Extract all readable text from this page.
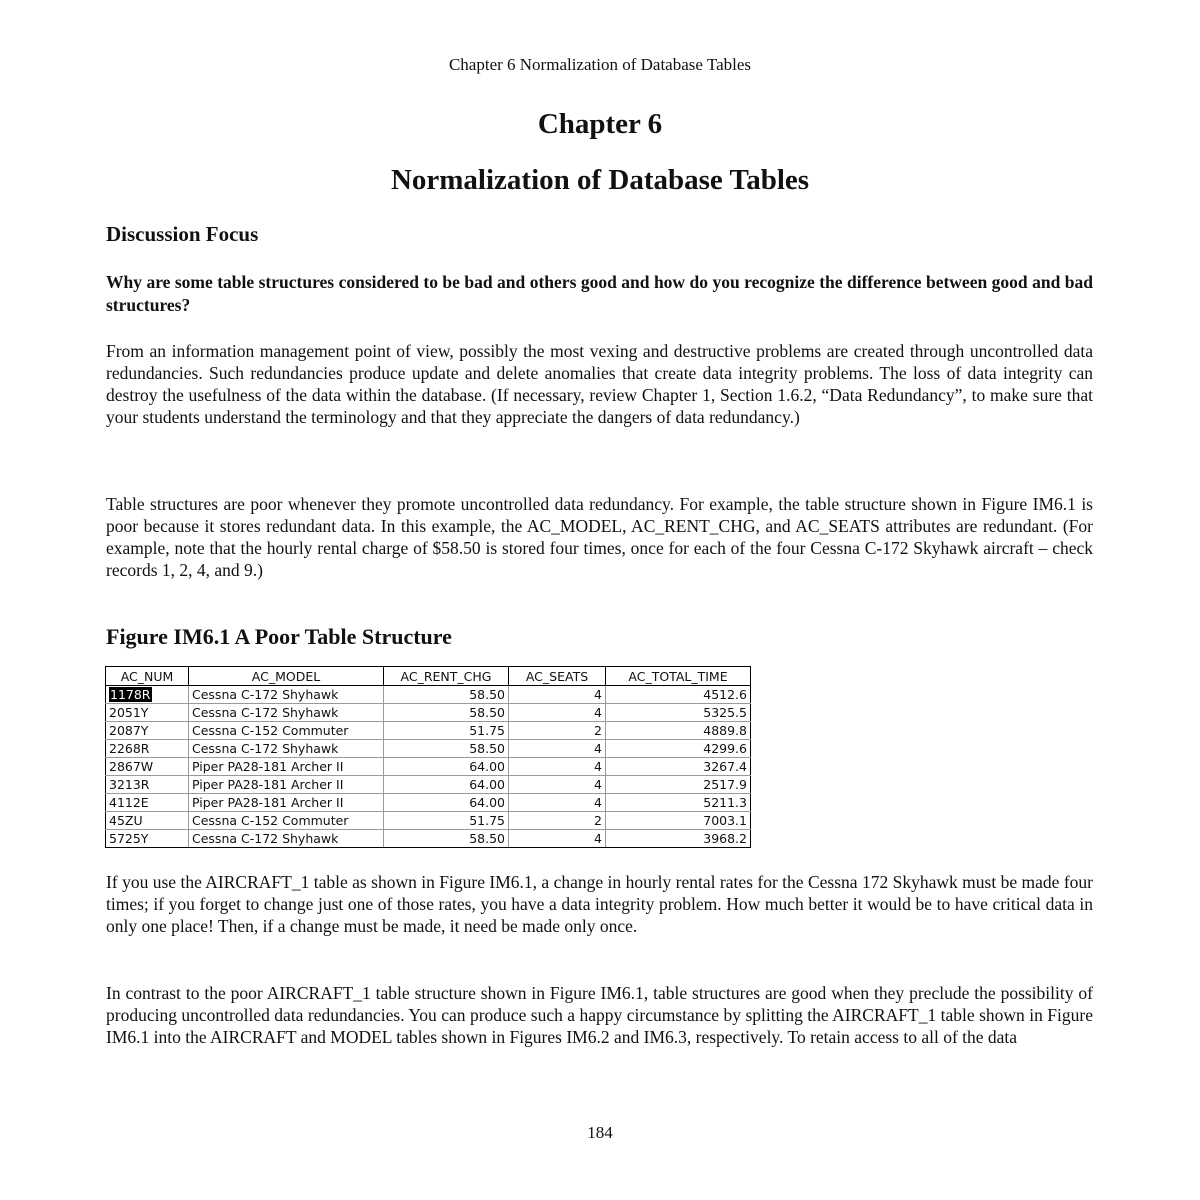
Chapter 6 Normalization of Database Tables
Chapter 6
Normalization of Database Tables
Discussion Focus
Why are some table structures considered to be bad and others good and how do you recognize the difference between good and bad structures?
From an information management point of view, possibly the most vexing and destructive problems are created through uncontrolled data redundancies. Such redundancies produce update and delete anomalies that create data integrity problems. The loss of data integrity can destroy the usefulness of the data within the database. (If necessary, review Chapter 1, Section 1.6.2, “Data Redundancy”, to make sure that your students understand the terminology and that they appreciate the dangers of data redundancy.)
Table structures are poor whenever they promote uncontrolled data redundancy. For example, the table structure shown in Figure IM6.1 is poor because it stores redundant data. In this example, the AC_MODEL, AC_RENT_CHG, and AC_SEATS attributes are redundant. (For example, note that the hourly rental charge of $58.50 is stored four times, once for each of the four Cessna C-172 Skyhawk aircraft – check records 1, 2, 4, and 9.)
Figure IM6.1 A Poor Table Structure
AC_NUM	AC_MODEL	AC_RENT_CHG	AC_SEATS	AC_TOTAL_TIME
1178R	Cessna C-172 Shyhawk	58.50	4	4512.6
2051Y	Cessna C-172 Shyhawk	58.50	4	5325.5
2087Y	Cessna C-152 Commuter	51.75	2	4889.8
2268R	Cessna C-172 Shyhawk	58.50	4	4299.6
2867W	Piper PA28-181 Archer II	64.00	4	3267.4
3213R	Piper PA28-181 Archer II	64.00	4	2517.9
4112E	Piper PA28-181 Archer II	64.00	4	5211.3
45ZU	Cessna C-152 Commuter	51.75	2	7003.1
5725Y	Cessna C-172 Shyhawk	58.50	4	3968.2
If you use the AIRCRAFT_1 table as shown in Figure IM6.1, a change in hourly rental rates for the Cessna 172 Skyhawk must be made four times; if you forget to change just one of those rates, you have a data integrity problem. How much better it would be to have critical data in only one place! Then, if a change must be made, it need be made only once.
In contrast to the poor AIRCRAFT_1 table structure shown in Figure IM6.1, table structures are good when they preclude the possibility of producing uncontrolled data redundancies. You can produce such a happy circumstance by splitting the AIRCRAFT_1 table shown in Figure IM6.1 into the AIRCRAFT and MODEL tables shown in Figures IM6.2 and IM6.3, respectively. To retain access to all of the data
184
